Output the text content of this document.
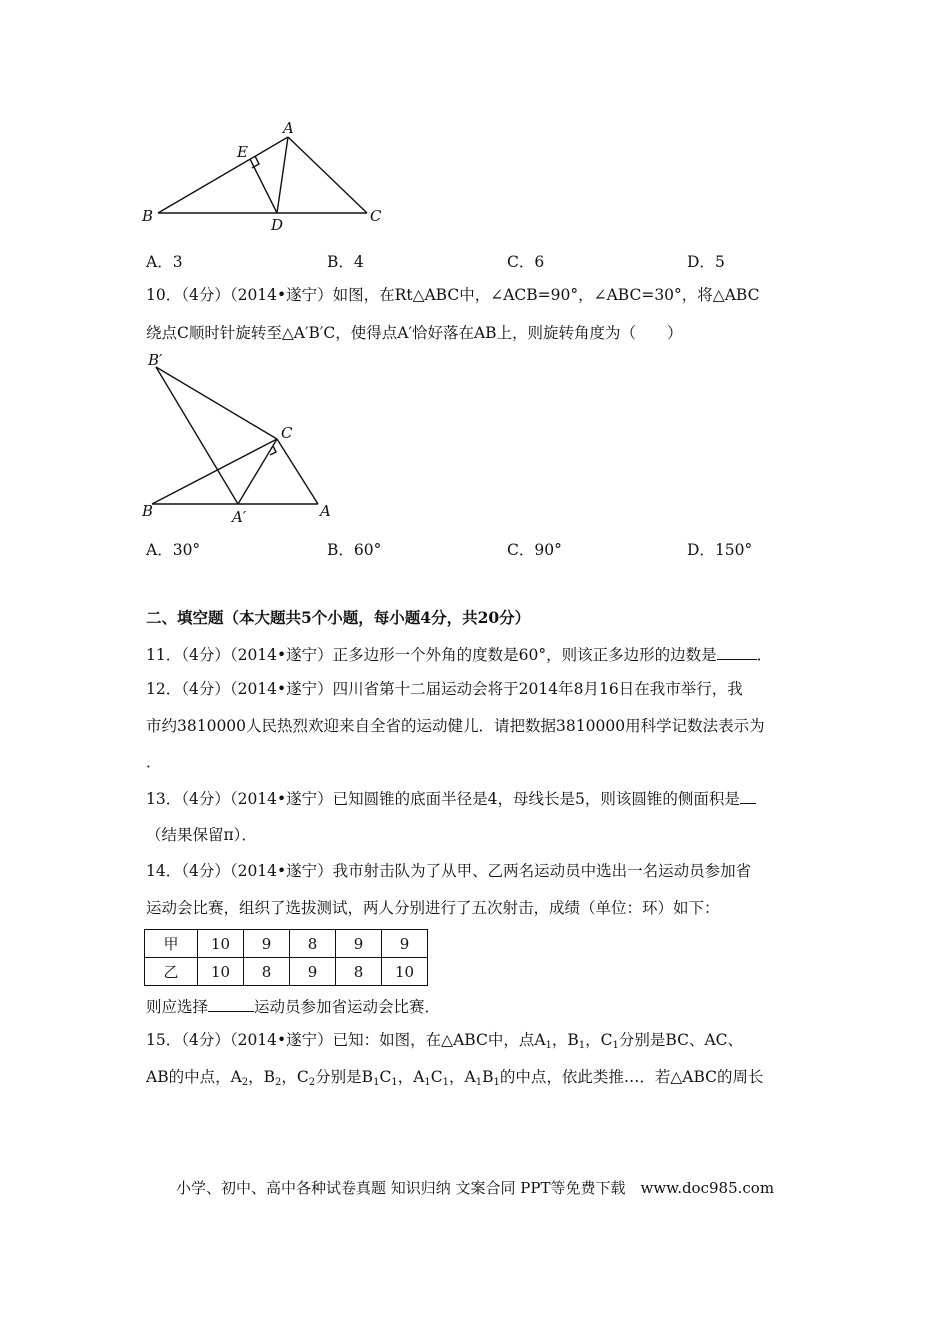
A
E
B	D	C
A．3	B．4	C．6	D．5
10．（4分）（2014•遂宁）如图，在Rt△ABC中，∠ACB=90°，∠ABC=30°，将△ABC
绕点C顺时针旋转至△A′B′C，使得点A′恰好落在AB上，则旋转角度为（　　）
B′
C
B	A′	A
A．30°	B．60°	C．90°	D．150°
二、填空题（本大题共5个小题，每小题4分，共20分）
11．（4分）（2014•遂宁）正多边形一个外角的度数是60°，则该正多边形的边数是	．
12．（4分）（2014•遂宁）四川省第十二届运动会将于2014年8月16日在我市举行，我
市约3810000人民热烈欢迎来自全省的运动健儿．请把数据3810000用科学记数法表示为
．
13．（4分）（2014•遂宁）已知圆锥的底面半径是4，母线长是5，则该圆锥的侧面积是
（结果保留π）．
14．（4分）（2014•遂宁）我市射击队为了从甲、乙两名运动员中选出一名运动员参加省
运动会比赛，组织了选拔测试，两人分别进行了五次射击，成绩（单位：环）如下：
甲	10	9	8	9	9
乙	10	8	9	8	10
则应选择	运动员参加省运动会比赛．
15．（4分）（2014•遂宁）已知：如图，在△ABC中，点$A_1$，$B_1$，$C_1$分别是BC、AC、
AB的中点，$A_2$，$B_2$，$C_2$分别是$B_1C_1$，$A_1C_1$，$A_1B_1$的中点，依此类推…．若△ABC的周长
小学、初中、高中各种试卷真题 知识归纳 文案合同 PPT等免费下载　www.doc985.com
